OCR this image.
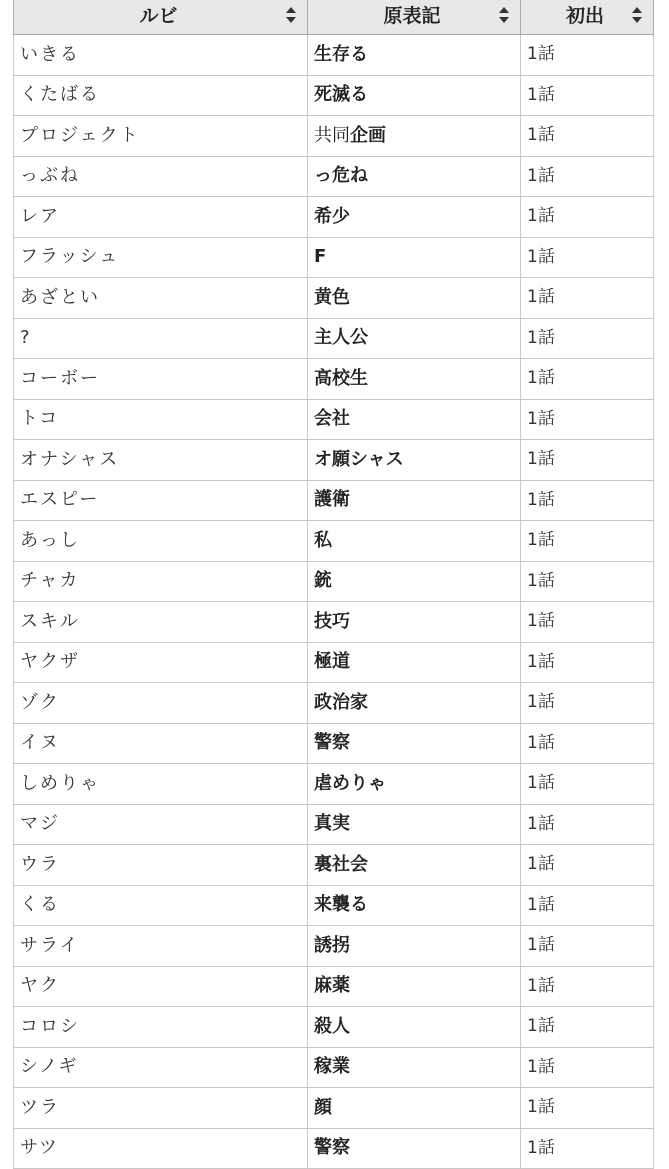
ルビ	原表記	初出

いきる	生存る	1話
くたばる	死滅る	1話
プロジェクト	共同企画	1話
っぶね	っ危ね	1話
レア	希少	1話
フラッシュ	F	1話
あざとい	黄色	1話
?	主人公	1話
コーボー	高校生	1話
トコ	会社	1話
オナシャス	オ願シャス	1話
エスピー	護衛	1話
あっし	私	1話
チャカ	銃	1話
スキル	技巧	1話
ヤクザ	極道	1話
ゾク	政治家	1話
イヌ	警察	1話
しめりゃ	虐めりゃ	1話
マジ	真実	1話
ウラ	裏社会	1話
くる	来襲る	1話
サライ	誘拐	1話
ヤク	麻薬	1話
コロシ	殺人	1話
シノギ	稼業	1話
ツラ	顔	1話
サツ	警察	1話
